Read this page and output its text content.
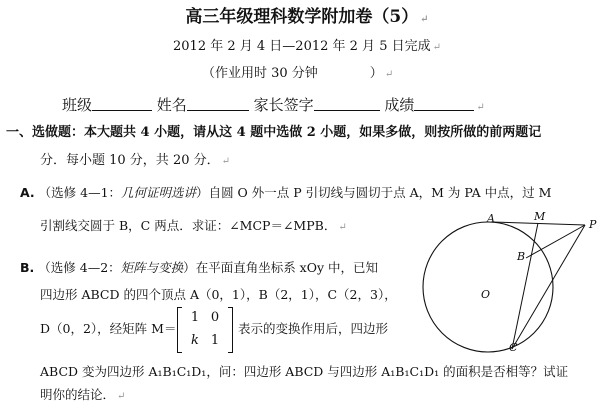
高三年级理科数学附加卷（5） ↵
2012 年 2 月 4 日—2012 年 2 月 5 日完成 ↵
（作业用时 30 分钟　　　　） ↵
班级	姓名	家长签字	成绩	↵
一、选做题：本大题共 4 小题，请从这 4 题中选做 2 小题，如果多做，则按所做的前两题记
分．每小题 10 分，共 20 分． ↵
A. （选修 4—1：几何证明选讲）自圆 O 外一点 P 引切线与圆切于点 A，M 为 PA 中点，过 M
引割线交圆于 B，C 两点．求证：∠MCP＝∠MPB． ↵
B. （选修 4—2：矩阵与变换）在平面直角坐标系 xOy 中，已知
四边形 ABCD 的四个顶点 A（0，1），B（2，1），C（2，3），
D（0，2），经矩阵 M＝
1 0
k 1
表示的变换作用后，四边形
ABCD 变为四边形 A₁B₁C₁D₁，问：四边形 ABCD 与四边形 A₁B₁C₁D₁ 的面积是否相等？试证
明你的结论． ↵
A	M
P
B
O
C
